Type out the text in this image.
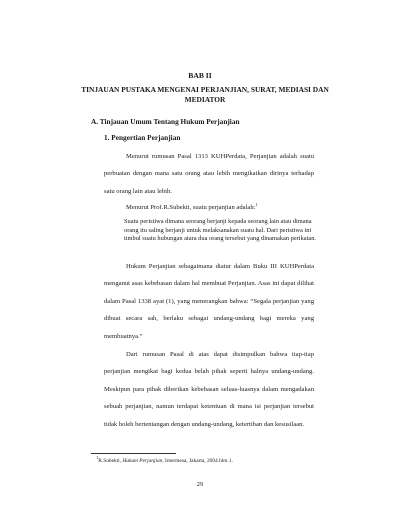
BAB II

TINJAUAN PUSTAKA MENGENAI PERJANJIAN, SURAT, MEDIASI DAN MEDIATOR

A. Tinjauan Umum Tentang Hukum Perjanjian

1. Pengertian Perjanjian

Menurut rumusan Pasal 1313 KUHPerdata, Perjanjian adalah suatu perbuatan dengan mana satu orang atau lebih mengikatkan dirinya terhadap satu orang lain atau lebih.

Menurut Prof.R.Subekti, suatu perjanjian adalah:$^1$

Suatu peristiwa dimana seorang berjanji kepada seorang lain atau dimana orang itu saling berjanji untuk melaksanakan suatu hal. Dari peristiwa ini timbul suatu hubungan atara dua orang tersebut yang dinamakan perikatan.

Hukum Perjanjian sebagaimana diatur dalam Buku III KUHPerdata menganut asas kebebasan dalam hal membuat Perjanjian. Asas ini dapat dilihat dalam Pasal 1338 ayat (1), yang menerangkan bahwa: “Segala perjanjian yang dibuat secara sah, berlaku sebagai undang-undang bagi mereka yang membuatnya.”

Dari rumusan Pasal di atas dapat disimpulkan bahwa tiap-tiap perjanjian mengikat bagi kedua belah pihak seperti halnya undang-undang. Meskipun para pihak diberikan kebebasan seluas-luasnya dalam mengadakan sebuah perjanjian, namun terdapat ketentuan di mana isi perjanjian tersebut tidak boleh bertentangan dengan undang-undang, ketertiban dan kesusilaan.

$^1$R.Subekti, Hukum Perjanjian, Intermesa, Jakarta, 2004.hlm.1.

29
